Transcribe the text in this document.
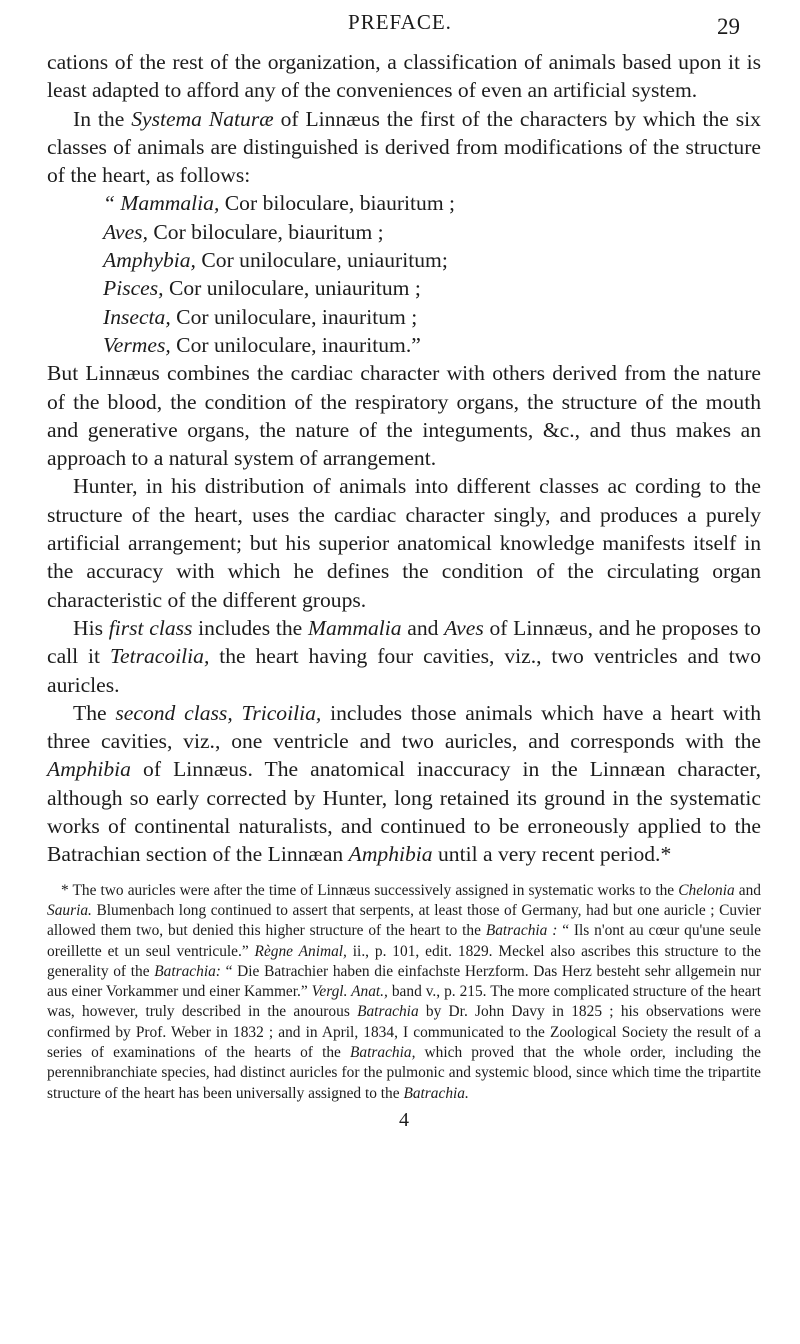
PREFACE.	29

cations of the rest of the organization, a classification of animals based upon it is least adapted to afford any of the conveniences of even an artificial system.

In the Systema Naturæ of Linnæus the first of the characters by which the six classes of animals are distinguished is derived from modifications of the structure of the heart, as follows:

“ Mammalia, Cor biloculare, biauritum ;
Aves, Cor biloculare, biauritum ;
Amphybia, Cor uniloculare, uniauritum;
Pisces, Cor uniloculare, uniauritum ;
Insecta, Cor uniloculare, inauritum ;
Vermes, Cor uniloculare, inauritum.”

But Linnæus combines the cardiac character with others derived from the nature of the blood, the condition of the respiratory organs, the structure of the mouth and generative organs, the nature of the integuments, &c., and thus makes an approach to a natural system of arrangement.

Hunter, in his distribution of animals into different classes ac cording to the structure of the heart, uses the cardiac character singly, and produces a purely artificial arrangement; but his superior anatomical knowledge manifests itself in the accuracy with which he defines the condition of the circulating organ characteristic of the different groups.

His first class includes the Mammalia and Aves of Linnæus, and he proposes to call it Tetracoilia, the heart having four cavities, viz., two ventricles and two auricles.

The second class, Tricoilia, includes those animals which have a heart with three cavities, viz., one ventricle and two auricles, and corresponds with the Amphibia of Linnæus. The anatomical inaccuracy in the Linnæan character, although so early corrected by Hunter, long retained its ground in the systematic works of continental naturalists, and continued to be erroneously applied to the Batrachian section of the Linnæan Amphibia until a very recent period.*

* The two auricles were after the time of Linnæus successively assigned in systematic works to the Chelonia and Sauria. Blumenbach long continued to assert that serpents, at least those of Germany, had but one auricle ; Cuvier allowed them two, but denied this higher structure of the heart to the Batrachia : “ Ils n'ont au cœur qu'une seule oreillette et un seul ventricule.” Règne Animal, ii., p. 101, edit. 1829. Meckel also ascribes this structure to the generality of the Batrachia: “ Die Batrachier haben die einfachste Herzform. Das Herz besteht sehr allgemein nur aus einer Vorkammer und einer Kammer.” Vergl. Anat., band v., p. 215. The more complicated structure of the heart was, however, truly described in the anourous Batrachia by Dr. John Davy in 1825 ; his observations were confirmed by Prof. Weber in 1832 ; and in April, 1834, I communicated to the Zoological Society the result of a series of examinations of the hearts of the Batrachia, which proved that the whole order, including the perennibranchiate species, had distinct auricles for the pulmonic and systemic blood, since which time the tripartite structure of the heart has been universally assigned to the Batrachia.

4
